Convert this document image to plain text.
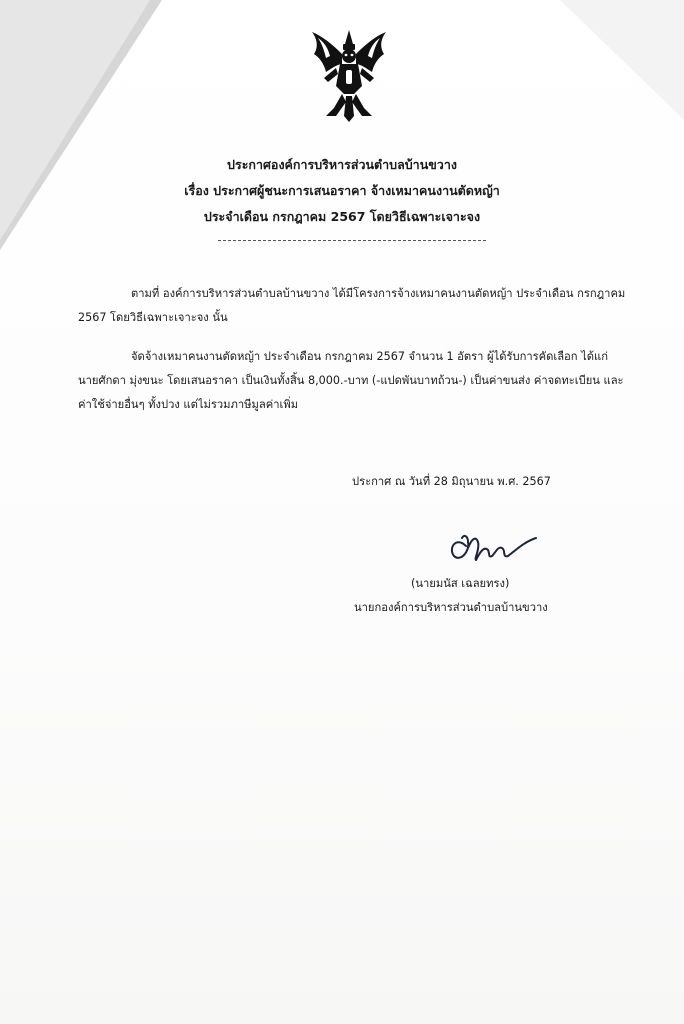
ประกาศองค์การบริหารส่วนตำบลบ้านขวาง
เรื่อง ประกาศผู้ชนะการเสนอราคา จ้างเหมาคนงานตัดหญ้า
ประจำเดือน กรกฎาคม 2567 โดยวิธีเฉพาะเจาะจง
ตามที่ องค์การบริหารส่วนตำบลบ้านขวาง ได้มีโครงการจ้างเหมาคนงานตัดหญ้า ประจำเดือน กรกฎาคม
2567 โดยวิธีเฉพาะเจาะจง นั้น
จัดจ้างเหมาคนงานตัดหญ้า ประจำเดือน กรกฎาคม 2567 จำนวน 1 อัตรา ผู้ได้รับการคัดเลือก ได้แก่
นายศักดา มุ่งขนะ โดยเสนอราคา เป็นเงินทั้งสิ้น 8,000.-บาท (-แปดพันบาทถ้วน-) เป็นค่าขนส่ง ค่าจดทะเบียน และ
ค่าใช้จ่ายอื่นๆ ทั้งปวง แต่ไม่รวมภาษีมูลค่าเพิ่ม
ประกาศ ณ วันที่ 28 มิถุนายน พ.ศ. 2567
(นายมนัส เฉลยทรง)
นายกองค์การบริหารส่วนตำบลบ้านขวาง
